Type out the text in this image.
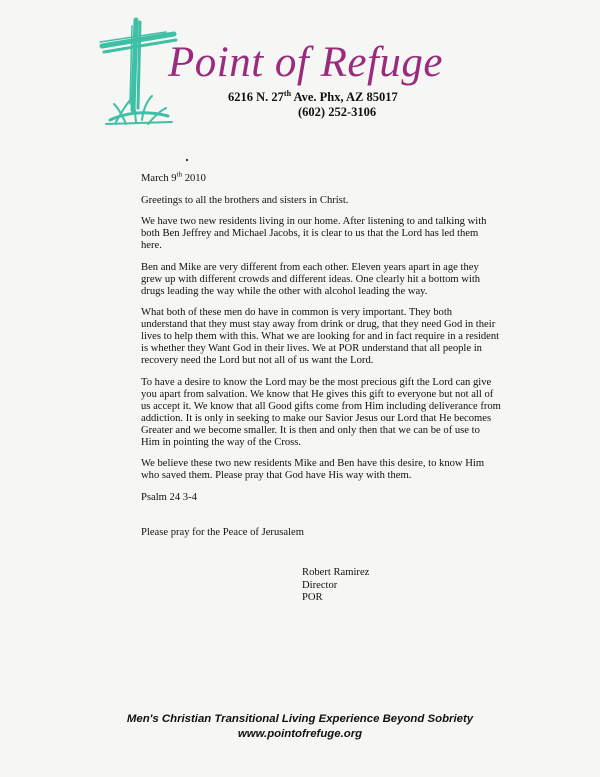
Point of Refuge
6216 N. 27th Ave. Phx, AZ 85017
(602) 252-3106

March 9th 2010

Greetings to all the brothers and sisters in Christ.

We have two new residents living in our home. After listening to and talking with both Ben Jeffrey and Michael Jacobs, it is clear to us that the Lord has led them here.

Ben and Mike are very different from each other. Eleven years apart in age they grew up with different crowds and different ideas. One clearly hit a bottom with drugs leading the way while the other with alcohol leading the way.

What both of these men do have in common is very important. They both understand that they must stay away from drink or drug, that they need God in their lives to help them with this. What we are looking for and in fact require in a resident is whether they Want God in their lives. We at POR understand that all people in recovery need the Lord but not all of us want the Lord.

To have a desire to know the Lord may be the most precious gift the Lord can give you apart from salvation. We know that He gives this gift to everyone but not all of us accept it. We know that all Good gifts come from Him including deliverance from addiction. It is only in seeking to make our Savior Jesus our Lord that He becomes Greater and we become smaller. It is then and only then that we can be of use to Him in pointing the way of the Cross.

We believe these two new residents Mike and Ben have this desire, to know Him who saved them. Please pray that God have His way with them.

Psalm 24 3-4

Please pray for the Peace of Jerusalem

Robert Ramirez
Director
POR
Men's Christian Transitional Living Experience Beyond Sobriety
www.pointofrefuge.org
